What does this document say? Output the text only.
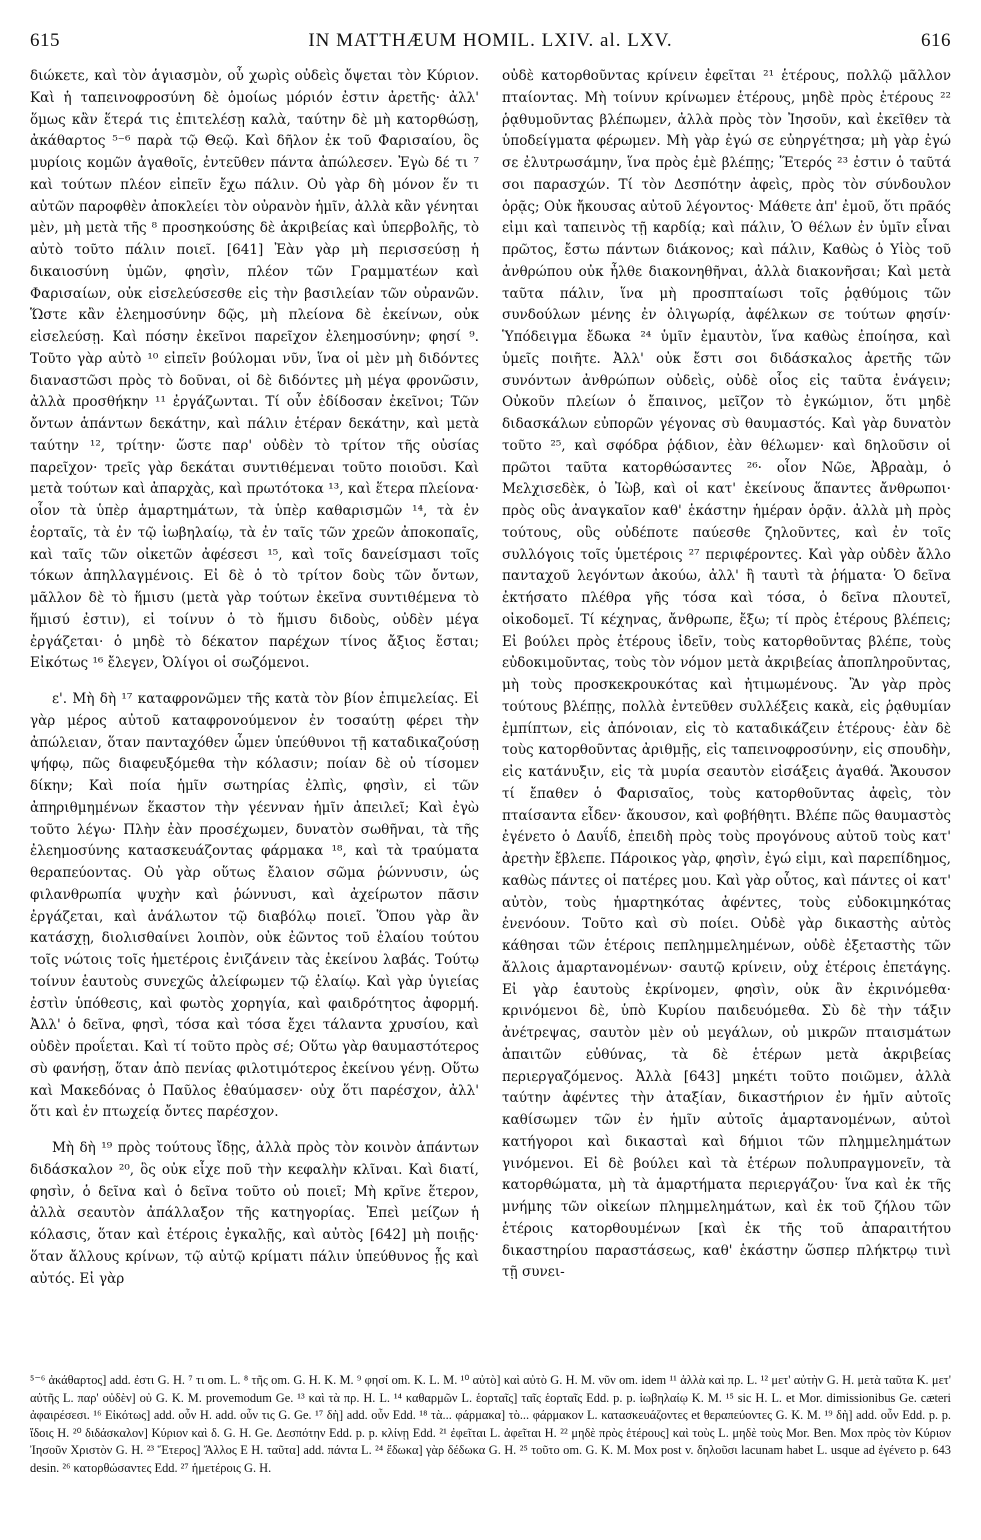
615	IN MATTHÆUM HOMIL. LXIV. al. LXV.	616

διώκετε, καὶ τὸν ἁγιασμὸν, οὗ χωρὶς οὐδεὶς ὄψεται τὸν Κύριον. Καὶ ἡ ταπεινοφροσύνη δὲ ὁμοίως μόριόν ἐστιν ἀρετῆς· ἀλλ' ὅμως κἂν ἕτερά τις ἐπιτελέσῃ καλὰ, ταύτην δὲ μὴ κατορθώσῃ, ἀκάθαρτος ⁵⁻⁶ παρὰ τῷ Θεῷ. Καὶ δῆλον ἐκ τοῦ Φαρισαίου, ὃς μυρίοις κομῶν ἀγαθοῖς, ἐντεῦθεν πάντα ἀπώλεσεν. Ἐγὼ δέ τι ⁷ καὶ τούτων πλέον εἰπεῖν ἔχω πάλιν. Οὐ γὰρ δὴ μόνον ἕν τι αὐτῶν παροφθὲν ἀποκλείει τὸν οὐρανὸν ἡμῖν, ἀλλὰ κἂν γένηται μὲν, μὴ μετὰ τῆς ⁸ προσηκούσης δὲ ἀκριβείας καὶ ὑπερβολῆς, τὸ αὐτὸ τοῦτο πάλιν ποιεῖ. [641] Ἐὰν γὰρ μὴ περισσεύσῃ ἡ δικαιοσύνη ὑμῶν, φησὶν, πλέον τῶν Γραμματέων καὶ Φαρισαίων, οὐκ εἰσελεύσεσθε εἰς τὴν βασιλείαν τῶν οὐρανῶν. Ὥστε κἂν ἐλεημοσύνην δῷς, μὴ πλείονα δὲ ἐκείνων, οὐκ εἰσελεύσῃ. Καὶ πόσην ἐκεῖνοι παρεῖχον ἐλεημοσύνην; φησί ⁹. Τοῦτο γὰρ αὐτὸ ¹⁰ εἰπεῖν βούλομαι νῦν, ἵνα οἱ μὲν μὴ διδόντες διαναστῶσι πρὸς τὸ δοῦναι, οἱ δὲ διδόντες μὴ μέγα φρονῶσιν, ἀλλὰ προσθήκην ¹¹ ἐργάζωνται. Τί οὖν ἐδίδοσαν ἐκεῖνοι; Τῶν ὄντων ἁπάντων δεκάτην, καὶ πάλιν ἑτέραν δεκάτην, καὶ μετὰ ταύτην ¹², τρίτην· ὥστε παρ' οὐδὲν τὸ τρίτον τῆς οὐσίας παρεῖχον· τρεῖς γὰρ δεκάται συντιθέμεναι τοῦτο ποιοῦσι. Καὶ μετὰ τούτων καὶ ἀπαρχὰς, καὶ πρωτότοκα ¹³, καὶ ἕτερα πλείονα· οἷον τὰ ὑπὲρ ἁμαρτημάτων, τὰ ὑπὲρ καθαρισμῶν ¹⁴, τὰ ἐν ἑορταῖς, τὰ ἐν τῷ ἰωβηλαίῳ, τὰ ἐν ταῖς τῶν χρεῶν ἀποκοπαῖς, καὶ ταῖς τῶν οἰκετῶν ἀφέσεσι ¹⁵, καὶ τοῖς δανείσμασι τοῖς τόκων ἀπηλλαγμένοις. Εἰ δὲ ὁ τὸ τρίτον δοὺς τῶν ὄντων, μᾶλλον δὲ τὸ ἥμισυ (μετὰ γὰρ τούτων ἐκεῖνα συντιθέμενα τὸ ἥμισύ ἐστιν), εἰ τοίνυν ὁ τὸ ἥμισυ διδοὺς, οὐδὲν μέγα ἐργάζεται· ὁ μηδὲ τὸ δέκατον παρέχων τίνος ἄξιος ἔσται; Εἰκότως ¹⁶ ἔλεγεν, Ὀλίγοι οἱ σωζόμενοι.

ε'. Μὴ δὴ ¹⁷ καταφρονῶμεν τῆς κατὰ τὸν βίον ἐπιμελείας. Εἰ γὰρ μέρος αὐτοῦ καταφρονούμενον ἐν τοσαύτῃ φέρει τὴν ἀπώλειαν, ὅταν πανταχόθεν ὦμεν ὑπεύθυνοι τῇ καταδικαζούσῃ ψήφῳ, πῶς διαφευξόμεθα τὴν κόλασιν; ποίαν δὲ οὐ τίσομεν δίκην; Καὶ ποία ἡμῖν σωτηρίας ἐλπὶς, φησὶν, εἰ τῶν ἀπηριθμημένων ἕκαστον τὴν γέενναν ἡμῖν ἀπειλεῖ; Καὶ ἐγὼ τοῦτο λέγω· Πλὴν ἐὰν προσέχωμεν, δυνατὸν σωθῆναι, τὰ τῆς ἐλεημοσύνης κατασκευάζοντας φάρμακα ¹⁸, καὶ τὰ τραύματα θεραπεύοντας. Οὐ γὰρ οὕτως ἔλαιον σῶμα ῥώννυσιν, ὡς φιλανθρωπία ψυχὴν καὶ ῥώννυσι, καὶ ἀχείρωτον πᾶσιν ἐργάζεται, καὶ ἁνάλωτον τῷ διαβόλῳ ποιεῖ. Ὅπου γὰρ ἂν κατάσχῃ, διολισθαίνει λοιπὸν, οὐκ ἐῶντος τοῦ ἐλαίου τούτου τοῖς νώτοις τοῖς ἡμετέροις ἐνιζάνειν τὰς ἐκείνου λαβάς. Τούτῳ τοίνυν ἑαυτοὺς συνεχῶς ἀλείφωμεν τῷ ἐλαίῳ. Καὶ γὰρ ὑγιείας ἐστὶν ὑπόθεσις, καὶ φωτὸς χορηγία, καὶ φαιδρότητος ἀφορμή. Ἀλλ' ὁ δεῖνα, φησὶ, τόσα καὶ τόσα ἔχει τάλαντα χρυσίου, καὶ οὐδὲν προΐεται. Καὶ τί τοῦτο πρὸς σέ; Οὕτω γὰρ θαυμαστότερος σὺ φανήσῃ, ὅταν ἀπὸ πενίας φιλοτιμότερος ἐκείνου γένῃ. Οὕτω καὶ Μακεδόνας ὁ Παῦλος ἐθαύμασεν· οὐχ ὅτι παρέσχον, ἀλλ' ὅτι καὶ ἐν πτωχείᾳ ὄντες παρέσχον.

Μὴ δὴ ¹⁹ πρὸς τούτους ἴδῃς, ἀλλὰ πρὸς τὸν κοινὸν ἁπάντων διδάσκαλον ²⁰, ὃς οὐκ εἶχε ποῦ τὴν κεφαλὴν κλῖναι. Καὶ διατί, φησὶν, ὁ δεῖνα καὶ ὁ δεῖνα τοῦτο οὐ ποιεῖ; Μὴ κρῖνε ἕτερον, ἀλλὰ σεαυτὸν ἀπάλλαξον τῆς κατηγορίας. Ἐπεὶ μείζων ἡ κόλασις, ὅταν καὶ ἑτέροις ἐγκαλῇς, καὶ αὐτὸς [642] μὴ ποιῇς· ὅταν ἄλλους κρίνων, τῷ αὐτῷ κρίματι πάλιν ὑπεύθυνος ᾖς καὶ αὐτός. Εἰ γὰρ

οὐδὲ κατορθοῦντας κρίνειν ἐφεῖται ²¹ ἑτέρους, πολλῷ μᾶλλον πταίοντας. Μὴ τοίνυν κρίνωμεν ἑτέρους, μηδὲ πρὸς ἑτέρους ²² ῥᾳθυμοῦντας βλέπωμεν, ἀλλὰ πρὸς τὸν Ἰησοῦν, καὶ ἐκεῖθεν τὰ ὑποδείγματα φέρωμεν. Μὴ γὰρ ἐγώ σε εὐηργέτησα; μὴ γὰρ ἐγώ σε ἐλυτρωσάμην, ἵνα πρὸς ἐμὲ βλέπῃς; Ἕτερός ²³ ἐστιν ὁ ταῦτά σοι παρασχών. Τί τὸν Δεσπότην ἀφεὶς, πρὸς τὸν σύνδουλον ὁρᾷς; Οὐκ ἤκουσας αὐτοῦ λέγοντος· Μάθετε ἀπ' ἐμοῦ, ὅτι πρᾶός εἰμι καὶ ταπεινὸς τῇ καρδίᾳ; καὶ πάλιν, Ὁ θέλων ἐν ὑμῖν εἶναι πρῶτος, ἔστω πάντων διάκονος; καὶ πάλιν, Καθὼς ὁ Υἱὸς τοῦ ἀνθρώπου οὐκ ἦλθε διακονηθῆναι, ἀλλὰ διακονῆσαι; Καὶ μετὰ ταῦτα πάλιν, ἵνα μὴ προσπταίωσι τοῖς ῥᾳθύμοις τῶν συνδούλων μένης ἐν ὀλιγωρίᾳ, ἀφέλκων σε τούτων φησίν· Ὑπόδειγμα ἔδωκα ²⁴ ὑμῖν ἐμαυτὸν, ἵνα καθὼς ἐποίησα, καὶ ὑμεῖς ποιῆτε. Ἀλλ' οὐκ ἔστι σοι διδάσκαλος ἀρετῆς τῶν συνόντων ἀνθρώπων οὐδεὶς, οὐδὲ οἷος εἰς ταῦτα ἐνάγειν; Οὐκοῦν πλείων ὁ ἔπαινος, μεῖζον τὸ ἐγκώμιον, ὅτι μηδὲ διδασκάλων εὐπορῶν γέγονας σὺ θαυμαστός. Καὶ γὰρ δυνατὸν τοῦτο ²⁵, καὶ σφόδρα ῥᾴδιον, ἐὰν θέλωμεν· καὶ δηλοῦσιν οἱ πρῶτοι ταῦτα κατορθώσαντες ²⁶· οἷον Νῶε, Ἀβραὰμ, ὁ Μελχισεδὲκ, ὁ Ἰὼβ, καὶ οἱ κατ' ἐκείνους ἅπαντες ἄνθρωποι· πρὸς οὓς ἀναγκαῖον καθ' ἑκάστην ἡμέραν ὁρᾷν. ἀλλὰ μὴ πρὸς τούτους, οὓς οὐδέποτε παύεσθε ζηλοῦντες, καὶ ἐν τοῖς συλλόγοις τοῖς ὑμετέροις ²⁷ περιφέροντες. Καὶ γὰρ οὐδὲν ἄλλο πανταχοῦ λεγόντων ἀκούω, ἀλλ' ἢ ταυτὶ τὰ ῥήματα· Ὁ δεῖνα ἐκτήσατο πλέθρα γῆς τόσα καὶ τόσα, ὁ δεῖνα πλουτεῖ, οἰκοδομεῖ. Τί κέχηνας, ἄνθρωπε, ἔξω; τί πρὸς ἑτέρους βλέπεις; Εἰ βούλει πρὸς ἑτέρους ἰδεῖν, τοὺς κατορθοῦντας βλέπε, τοὺς εὐδοκιμοῦντας, τοὺς τὸν νόμον μετὰ ἀκριβείας ἀποπληροῦντας, μὴ τοὺς προσκεκρουκότας καὶ ἠτιμωμένους. Ἂν γὰρ πρὸς τούτους βλέπῃς, πολλὰ ἐντεῦθεν συλλέξεις κακὰ, εἰς ῥᾳθυμίαν ἐμπίπτων, εἰς ἀπόνοιαν, εἰς τὸ καταδικάζειν ἑτέρους· ἐὰν δὲ τοὺς κατορθοῦντας ἀριθμῇς, εἰς ταπεινοφροσύνην, εἰς σπουδὴν, εἰς κατάνυξιν, εἰς τὰ μυρία σεαυτὸν εἰσάξεις ἀγαθά. Ἄκουσον τί ἔπαθεν ὁ Φαρισαῖος, τοὺς κατορθοῦντας ἀφεὶς, τὸν πταίσαντα εἶδεν· ἄκουσον, καὶ φοβήθητι. Βλέπε πῶς θαυμαστὸς ἐγένετο ὁ Δαυΐδ, ἐπειδὴ πρὸς τοὺς προγόνους αὐτοῦ τοὺς κατ' ἀρετὴν ἔβλεπε. Πάροικος γὰρ, φησὶν, ἐγώ εἰμι, καὶ παρεπίδημος, καθὼς πάντες οἱ πατέρες μου. Καὶ γὰρ οὗτος, καὶ πάντες οἱ κατ' αὐτὸν, τοὺς ἡμαρτηκότας ἀφέντες, τοὺς εὐδοκιμηκότας ἐνενόουν. Τοῦτο καὶ σὺ ποίει. Οὐδὲ γὰρ δικαστὴς αὐτὸς κάθησαι τῶν ἑτέροις πεπλημμελημένων, οὐδὲ ἐξεταστὴς τῶν ἄλλοις ἁμαρτανομένων· σαυτῷ κρίνειν, οὐχ ἑτέροις ἐπετάγης. Εἰ γὰρ ἑαυτοὺς ἐκρίνομεν, φησὶν, οὐκ ἂν ἐκρινόμεθα· κρινόμενοι δὲ, ὑπὸ Κυρίου παιδευόμεθα. Σὺ δὲ τὴν τάξιν ἀνέτρεψας, σαυτὸν μὲν οὐ μεγάλων, οὐ μικρῶν πταισμάτων ἀπαιτῶν εὐθύνας, τὰ δὲ ἑτέρων μετὰ ἀκριβείας περιεργαζόμενος. Ἀλλὰ [643] μηκέτι τοῦτο ποιῶμεν, ἀλλὰ ταύτην ἀφέντες τὴν ἀταξίαν, δικαστήριον ἐν ἡμῖν αὐτοῖς καθίσωμεν τῶν ἐν ἡμῖν αὐτοῖς ἁμαρτανομένων, αὐτοὶ κατήγοροι καὶ δικασταὶ καὶ δήμιοι τῶν πλημμελημάτων γινόμενοι. Εἰ δὲ βούλει καὶ τὰ ἑτέρων πολυπραγμονεῖν, τὰ κατορθώματα, μὴ τὰ ἁμαρτήματα περιεργάζου· ἵνα καὶ ἐκ τῆς μνήμης τῶν οἰκείων πλημμελημάτων, καὶ ἐκ τοῦ ζήλου τῶν ἑτέροις κατορθουμένων [καὶ ἐκ τῆς τοῦ ἀπαραιτήτου δικαστηρίου παραστάσεως, καθ' ἑκάστην ὥσπερ πλήκτρῳ τινὶ τῇ συνει-

⁵⁻⁶ ἀκάθαρτος] add. ἐστι G. H. ⁷ τι om. L. ⁸ τῆς om. G. H. K. M. ⁹ φησί om. K. L. M. ¹⁰ αὐτὸ] καὶ αὐτὸ G. H. M. νῦν om. idem ¹¹ ἀλλὰ καὶ πρ. L. ¹² μετ' αὐτὴν G. H. μετὰ ταῦτα K. μετ' αὐτῆς L. παρ' οὐδὲν] οὐ G. K. M. provemodum Ge. ¹³ καὶ τὰ πρ. H. L. ¹⁴ καθαρμῶν L. ἑορταῖς] ταῖς ἑορταῖς Edd. p. p. ἰωβηλαίῳ K. M. ¹⁵ sic H. L. et Mor. dimissionibus Ge. cæteri ἀφαιρέσεσι. ¹⁶ Εἰκότως] add. οὖν H. add. οὖν τις G. Ge. ¹⁷ δὴ] add. οὖν Edd. ¹⁸ τὰ... φάρμακα] τὸ... φάρμακον L. κατασκευάζοντες et θεραπεύοντες G. K. M. ¹⁹ δὴ] add. οὖν Edd. p. p. ἴδοις H. ²⁰ διδάσκαλον] Κύριον καὶ δ. G. H. Ge. Δεσπότην Edd. p. p. κλίνῃ Edd. ²¹ ἐφεῖται L. ἀφεῖται H. ²² μηδὲ πρὸς ἑτέρους] καὶ τοὺς L. μηδὲ τοὺς Mor. Ben. Mox πρὸς τὸν Κύριον Ἰησοῦν Χριστὸν G. H. ²³ Ἕτερος] Ἄλλος E H. ταῦτα] add. πάντα L. ²⁴ ἔδωκα] γὰρ δέδωκα G. H. ²⁵ τοῦτο om. G. K. M. Mox post v. δηλοῦσι lacunam habet L. usque ad ἐγένετο p. 643 desin. ²⁶ κατορθώσαντες Edd. ²⁷ ἡμετέροις G. H.
